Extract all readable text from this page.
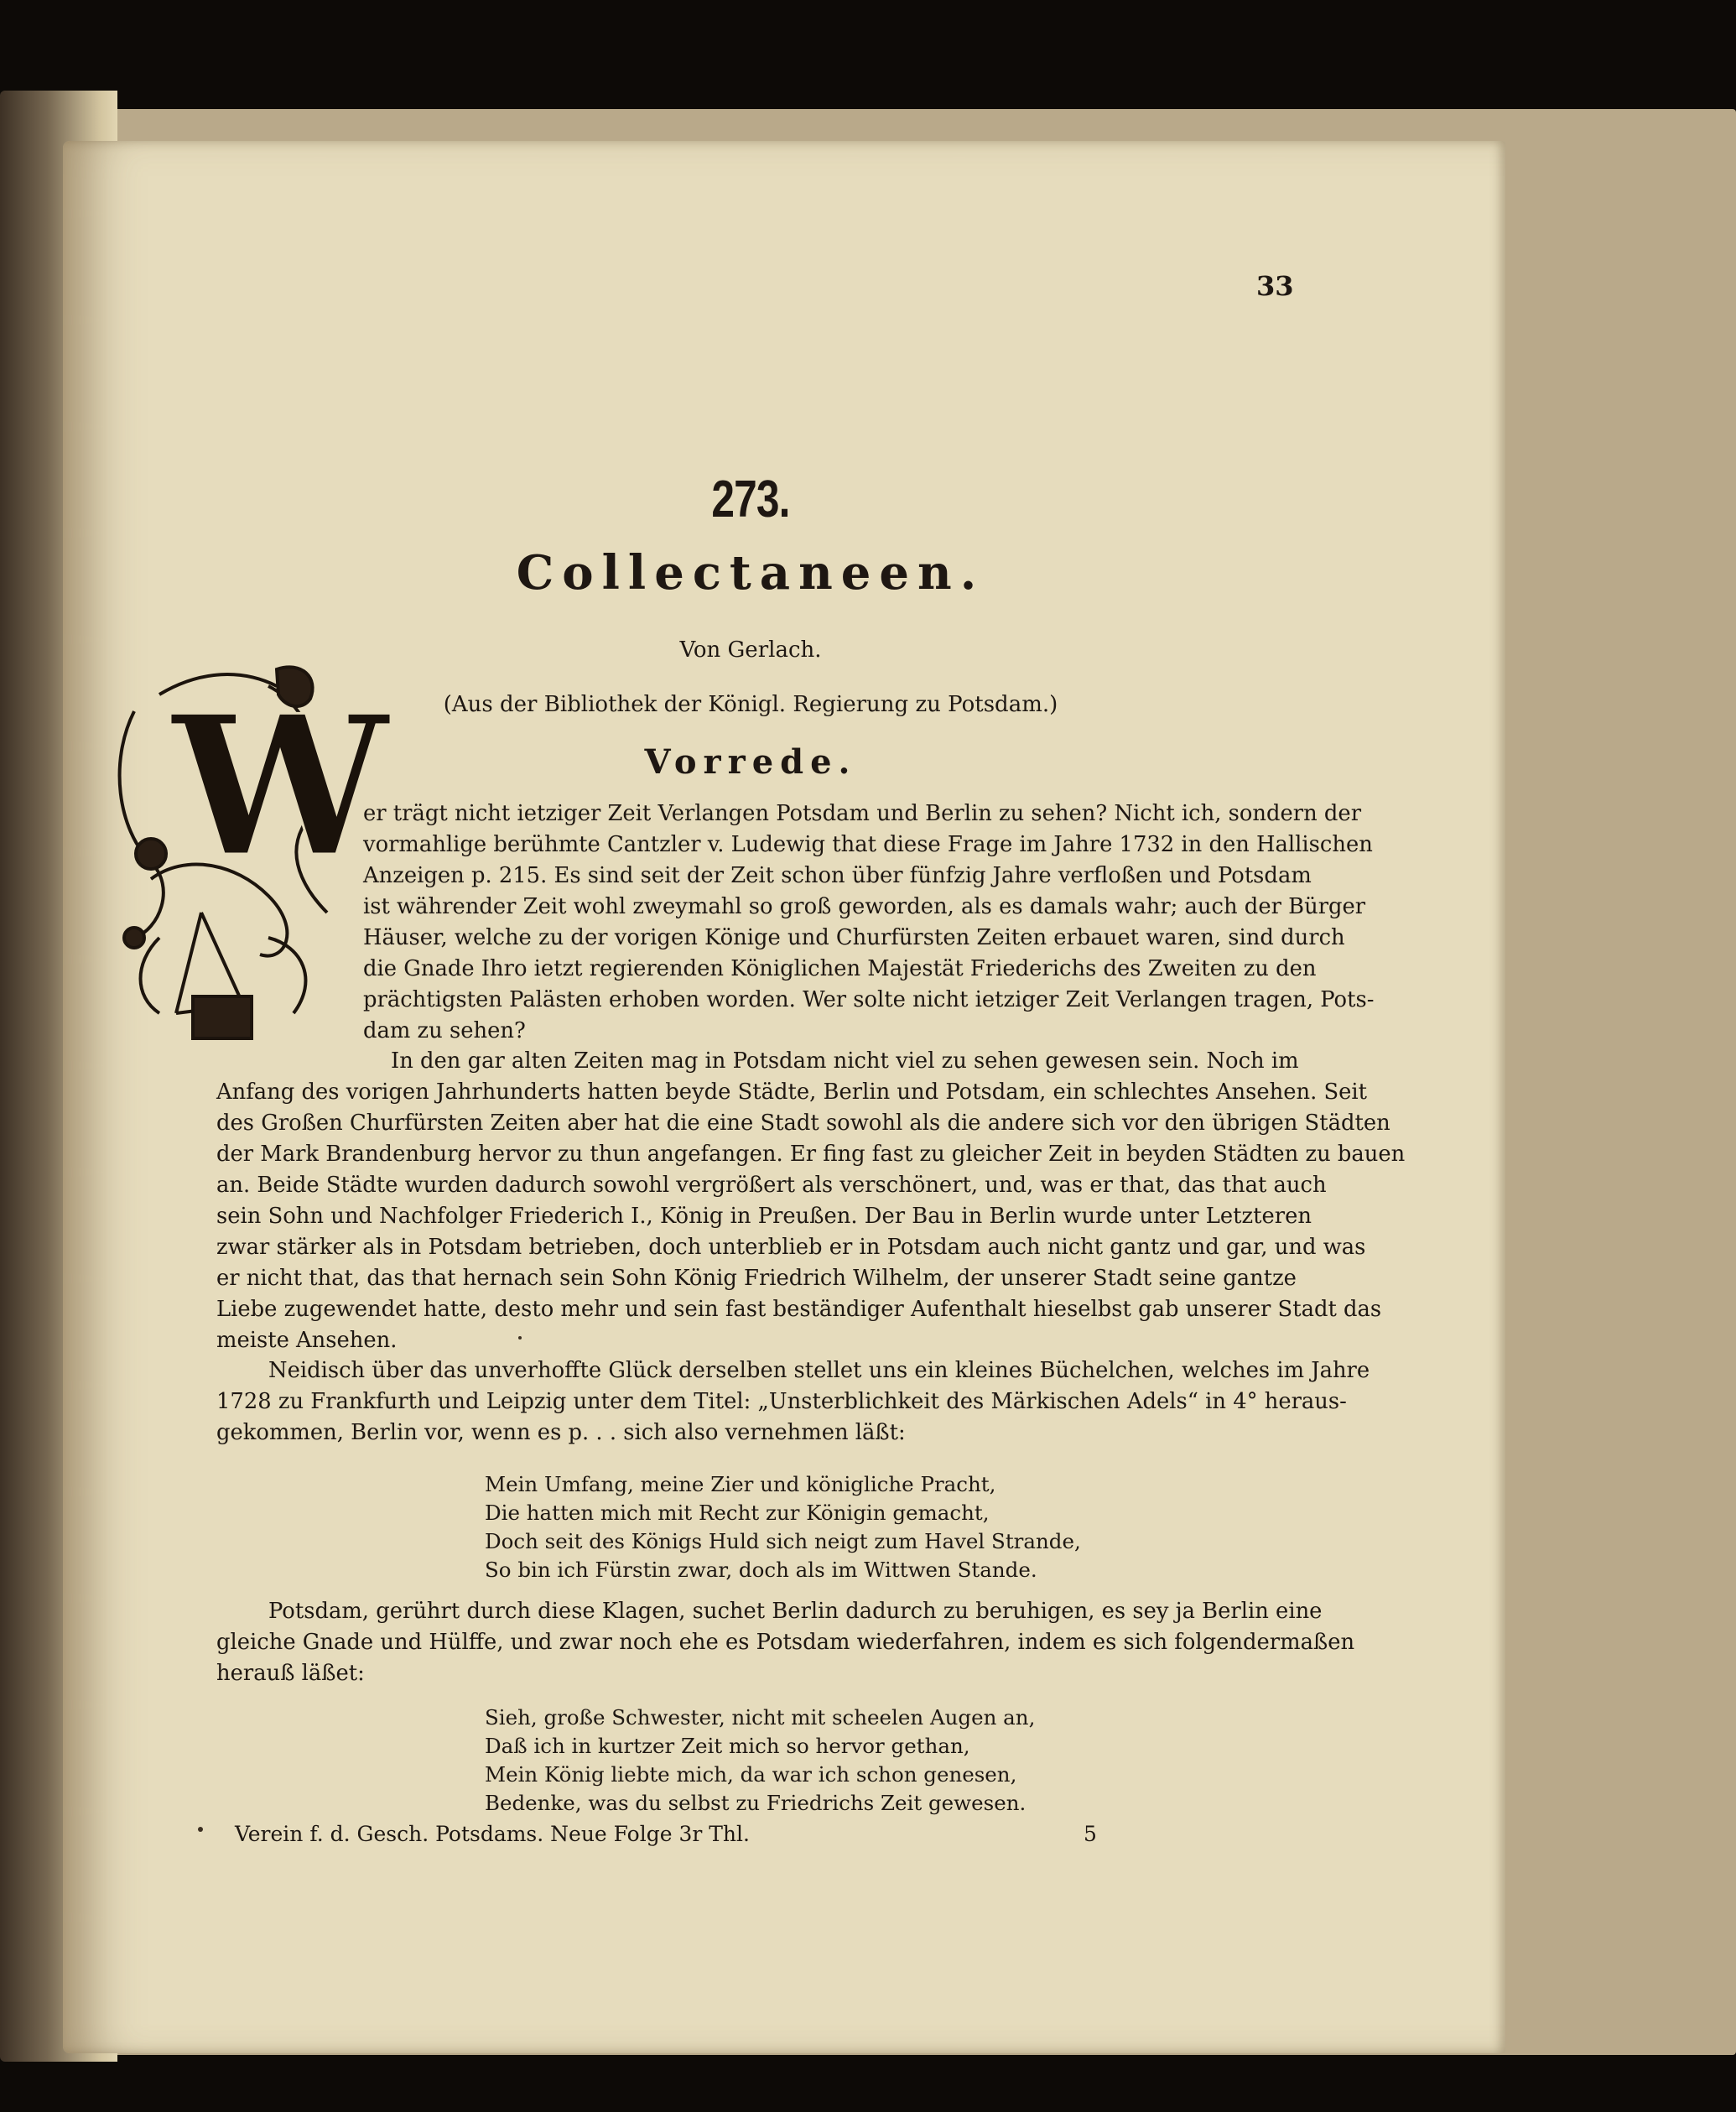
33
273.
Collectaneen.
Von Gerlach.
(Aus der Bibliothek der Königl. Regierung zu Potsdam.)
Vorrede.
W
er trägt nicht ietziger Zeit Verlangen Potsdam und Berlin zu sehen? Nicht ich, sondern der
vormahlige berühmte Cantzler v. Ludewig that diese Frage im Jahre 1732 in den Hallischen
Anzeigen p. 215. Es sind seit der Zeit schon über fünfzig Jahre verfloßen und Potsdam
ist währender Zeit wohl zweymahl so groß geworden, als es damals wahr; auch der Bürger
Häuser, welche zu der vorigen Könige und Churfürsten Zeiten erbauet waren, sind durch
die Gnade Ihro ietzt regierenden Königlichen Majestät Friederichs des Zweiten zu den
prächtigsten Palästen erhoben worden. Wer solte nicht ietziger Zeit Verlangen tragen, Pots-
dam zu sehen?
In den gar alten Zeiten mag in Potsdam nicht viel zu sehen gewesen sein. Noch im
Anfang des vorigen Jahrhunderts hatten beyde Städte, Berlin und Potsdam, ein schlechtes Ansehen. Seit
des Großen Churfürsten Zeiten aber hat die eine Stadt sowohl als die andere sich vor den übrigen Städten
der Mark Brandenburg hervor zu thun angefangen. Er fing fast zu gleicher Zeit in beyden Städten zu bauen
an. Beide Städte wurden dadurch sowohl vergrößert als verschönert, und, was er that, das that auch
sein Sohn und Nachfolger Friederich I., König in Preußen. Der Bau in Berlin wurde unter Letzteren
zwar stärker als in Potsdam betrieben, doch unterblieb er in Potsdam auch nicht gantz und gar, und was
er nicht that, das that hernach sein Sohn König Friedrich Wilhelm, der unserer Stadt seine gantze
Liebe zugewendet hatte, desto mehr und sein fast beständiger Aufenthalt hieselbst gab unserer Stadt das
meiste Ansehen.
Neidisch über das unverhoffte Glück derselben stellet uns ein kleines Büchelchen, welches im Jahre
1728 zu Frankfurth und Leipzig unter dem Titel: „Unsterblichkeit des Märkischen Adels“ in 4° heraus-
gekommen, Berlin vor, wenn es p. . . sich also vernehmen läßt:
Mein Umfang, meine Zier und königliche Pracht,
Die hatten mich mit Recht zur Königin gemacht,
Doch seit des Königs Huld sich neigt zum Havel Strande,
So bin ich Fürstin zwar, doch als im Wittwen Stande.
Potsdam, gerührt durch diese Klagen, suchet Berlin dadurch zu beruhigen, es sey ja Berlin eine
gleiche Gnade und Hülffe, und zwar noch ehe es Potsdam wiederfahren, indem es sich folgendermaßen
herauß läßet:
Sieh, große Schwester, nicht mit scheelen Augen an,
Daß ich in kurtzer Zeit mich so hervor gethan,
Mein König liebte mich, da war ich schon genesen,
Bedenke, was du selbst zu Friedrichs Zeit gewesen.
Verein f. d. Gesch. Potsdams. Neue Folge 3r Thl.	5
